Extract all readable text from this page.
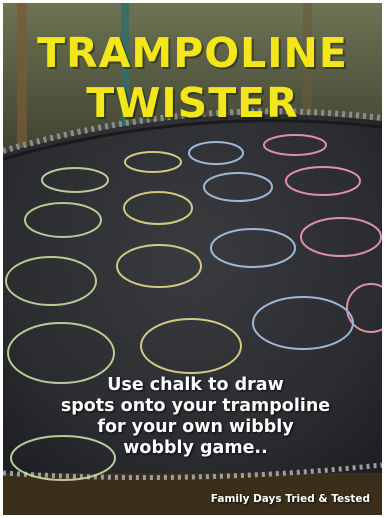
TRAMPOLINE
TWISTER
Use chalk to draw
spots onto your trampoline
for your own wibbly
wobbly game..
Family Days Tried & Tested
